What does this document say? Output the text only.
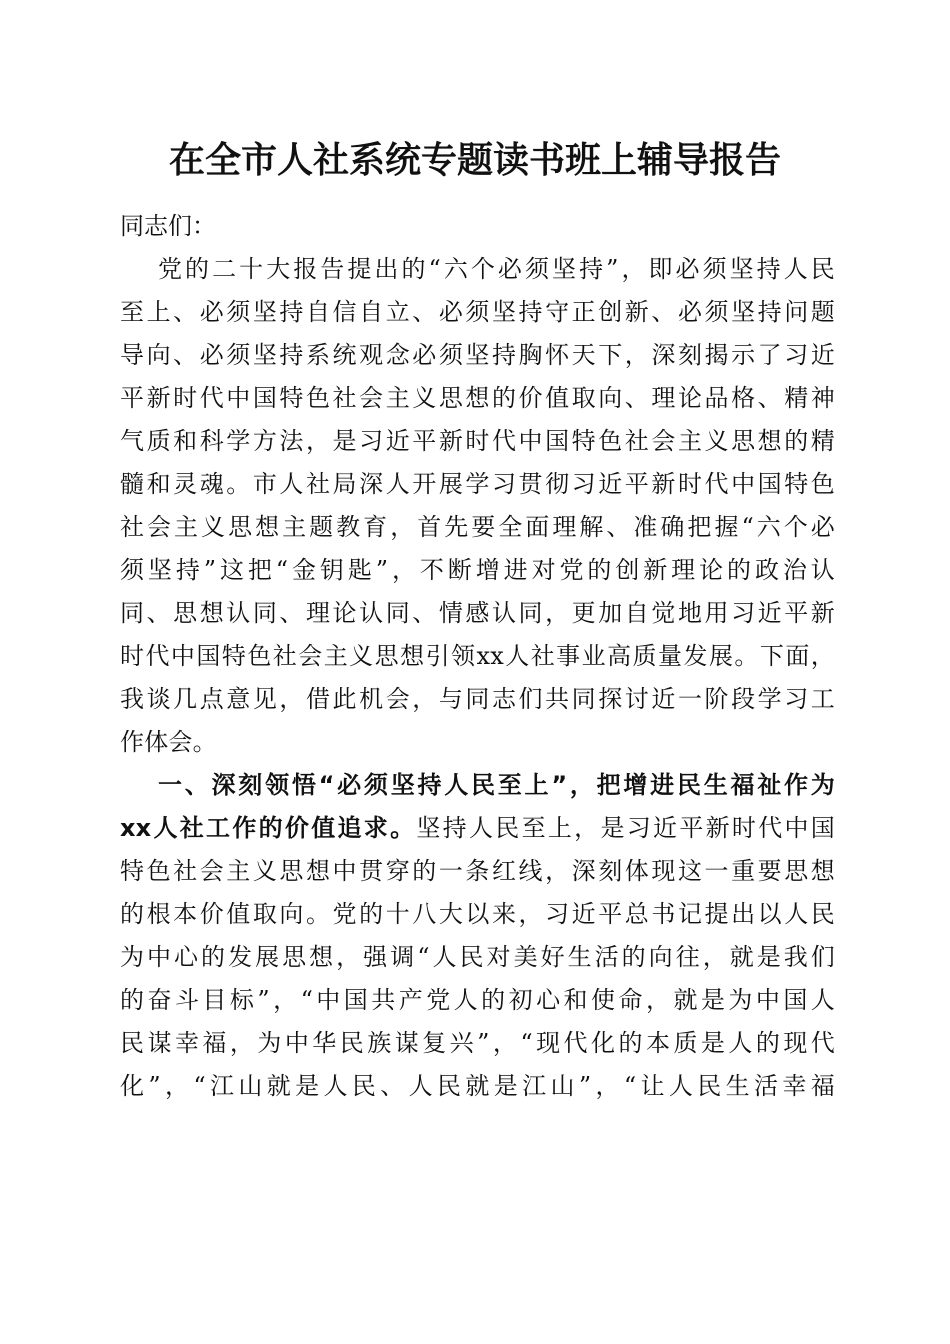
在全市人社系统专题读书班上辅导报告

同志们：

党的二十大报告提出的“六个必须坚持”，即必须坚持人民
至上、必须坚持自信自立、必须坚持守正创新、必须坚持问题
导向、必须坚持系统观念必须坚持胸怀天下，深刻揭示了习近
平新时代中国特色社会主义思想的价值取向、理论品格、精神
气质和科学方法，是习近平新时代中国特色社会主义思想的精
髓和灵魂。市人社局深人开展学习贯彻习近平新时代中国特色
社会主义思想主题教育，首先要全面理解、准确把握“六个必
须坚持”这把“金钥匙”，不断增进对党的创新理论的政治认
同、思想认同、理论认同、情感认同，更加自觉地用习近平新
时代中国特色社会主义思想引领xx人社事业高质量发展。下面，
我谈几点意见，借此机会，与同志们共同探讨近一阶段学习工
作体会。
一、深刻领悟“必须坚持人民至上”，把增进民生福祉作为
xx人社工作的价值追求。坚持人民至上，是习近平新时代中国
特色社会主义思想中贯穿的一条红线，深刻体现这一重要思想
的根本价值取向。党的十八大以来，习近平总书记提出以人民
为中心的发展思想，强调“人民对美好生活的向往，就是我们
的奋斗目标”，“中国共产党人的初心和使命，就是为中国人
民谋幸福，为中华民族谋复兴”，“现代化的本质是人的现代
化”，“江山就是人民、人民就是江山”，“让人民生活幸福
